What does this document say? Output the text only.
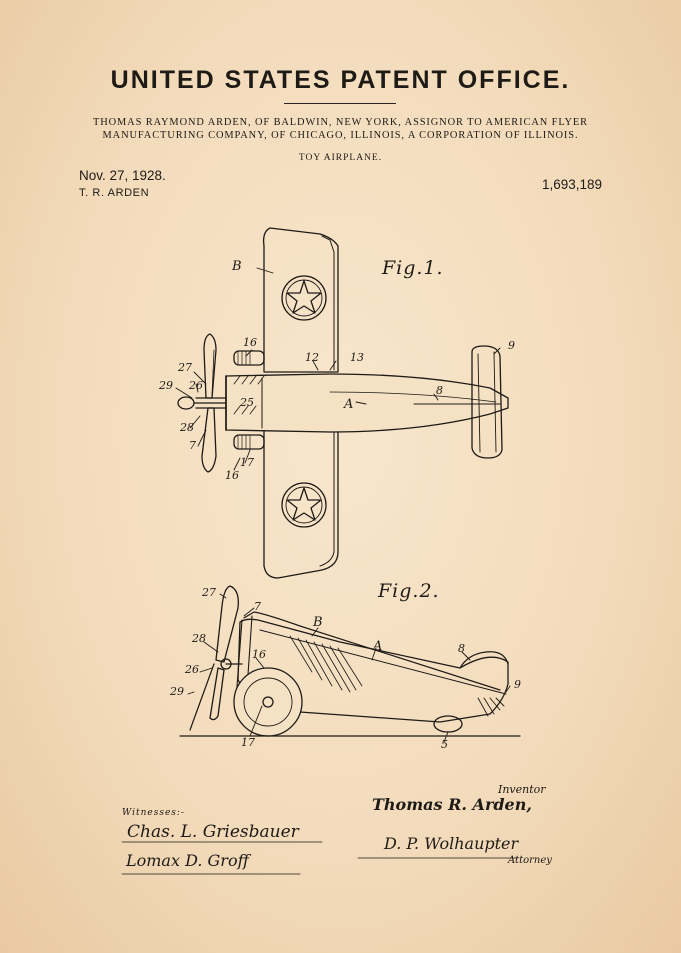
UNITED STATES PATENT OFFICE.
THOMAS RAYMOND ARDEN, OF BALDWIN, NEW YORK, ASSIGNOR TO AMERICAN FLYER
MANUFACTURING COMPANY, OF CHICAGO, ILLINOIS, A CORPORATION OF ILLINOIS.
TOY AIRPLANE.
Nov. 27, 1928.
T. R. ARDEN
1,693,189
Fig.1.
Fig.2.
B
16
12	13
9
27
29 26
25	A
8
28
7
17
16
27
7
B
28
A	8
16
26
29
9
17	5
Witnesses:-
Chas. L. Griesbauer
Lomax D. Groff
Inventor
Thomas R. Arden,
D. P. Wolhaupter
Attorney
